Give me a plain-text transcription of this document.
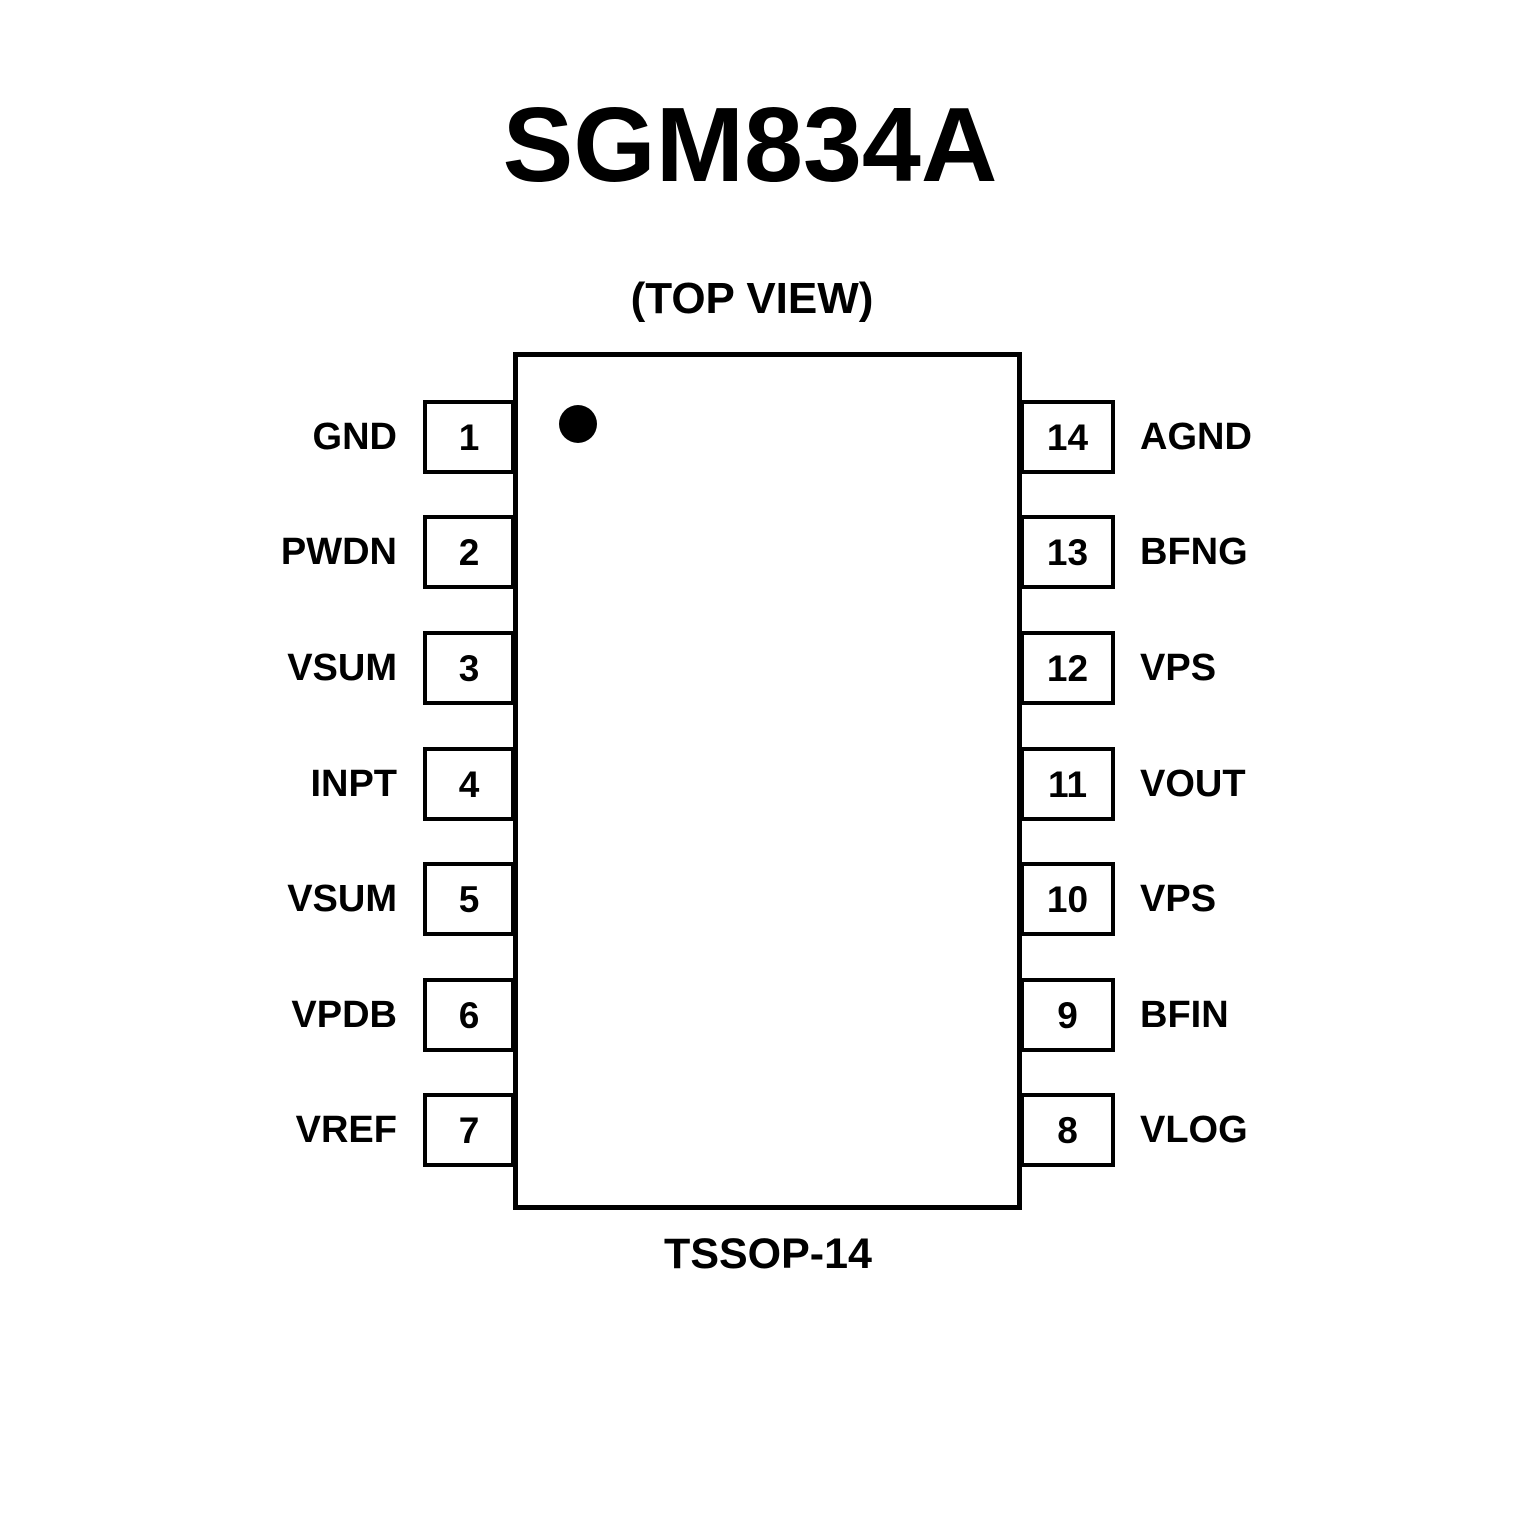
SGM834A
(TOP VIEW)
GND 1
PWDN 2
VSUM 3
INPT 4
VSUM 5
VPDB 6
VREF 7
14 AGND
13 BFNG
12 VPS
11 VOUT
10 VPS
9 BFIN
8 VLOG
TSSOP-14
